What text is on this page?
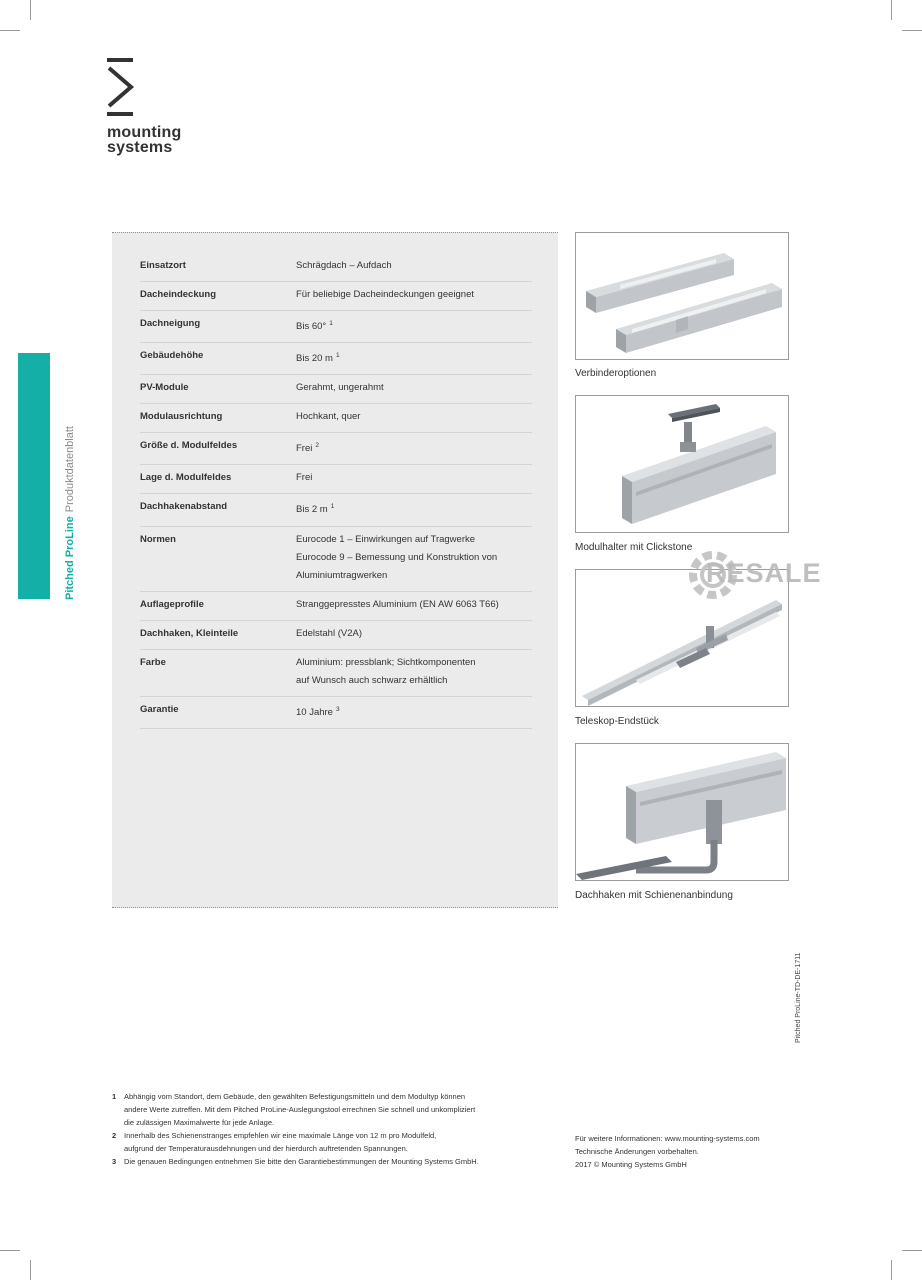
mounting
systems
Pitched ProLineProduktdatenblatt
Einsatzort	Schrägdach – Aufdach
Dacheindeckung	Für beliebige Dacheindeckungen geeignet
Dachneigung	Bis 60° $^1$
Gebäudehöhe	Bis 20 m $^1$
PV-Module	Gerahmt, ungerahmt
Modulausrichtung	Hochkant, quer
Größe d. Modulfeldes	Frei $^2$
Lage d. Modulfeldes	Frei
Dachhakenabstand	Bis 2 m $^1$
Normen	Eurocode 1 – Einwirkungen auf Tragwerke
Eurocode 9 – Bemessung und Konstruktion von
Aluminiumtragwerken
Auflageprofile	Stranggepresstes Aluminium (EN AW 6063 T66)
Dachhaken, Kleinteile	Edelstahl (V2A)
Farbe	Aluminium: pressblank; Sichtkomponenten
auf Wunsch auch schwarz erhältlich
Garantie	10 Jahre $^3$
Verbinderoptionen
Modulhalter mit Clickstone
Teleskop-Endstück
Dachhaken mit Schienenanbindung
RESALE
Pitched ProLine-TD-DE-1711
1	Abhängig vom Standort, dem Gebäude, den gewählten Befestigungsmitteln und dem Modultyp können
andere Werte zutreffen. Mit dem Pitched ProLine-Auslegungstool errechnen Sie schnell und unkompliziert
die zulässigen Maximalwerte für jede Anlage.
2	Innerhalb des Schienenstranges empfehlen wir eine maximale Länge von 12 m pro Modulfeld,
aufgrund der Temperaturausdehnungen und der hierdurch auftretenden Spannungen.
3	Die genauen Bedingungen entnehmen Sie bitte den Garantiebestimmungen der Mounting Systems GmbH.
Für weitere Informationen: www.mounting-systems.com
Technische Änderungen vorbehalten.
2017 © Mounting Systems GmbH
